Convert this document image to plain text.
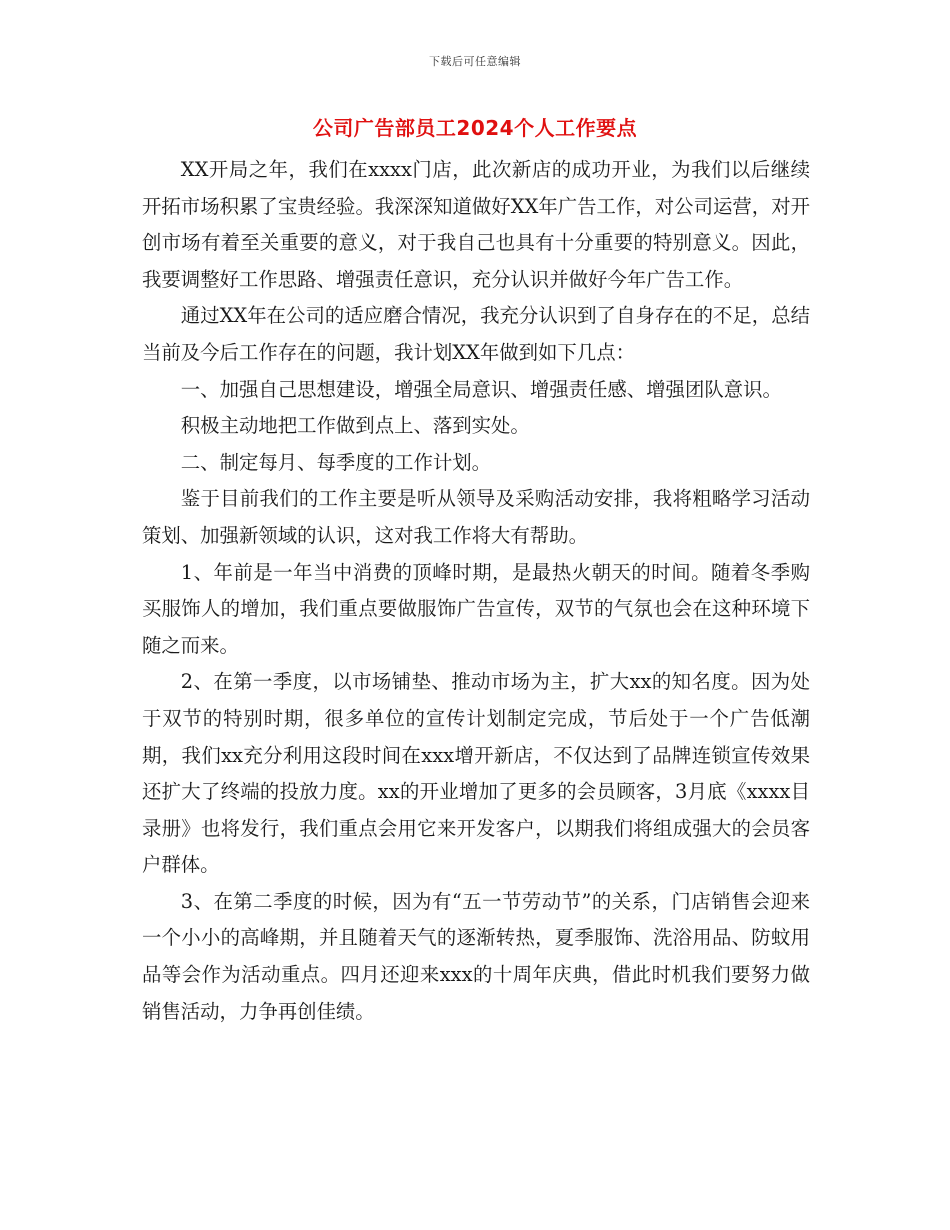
下载后可任意编辑
公司广告部员工2024个人工作要点

XX开局之年，我们在xxxx门店，此次新店的成功开业，为我们以后继续开拓市场积累了宝贵经验。我深深知道做好XX年广告工作，对公司运营，对开创市场有着至关重要的意义，对于我自己也具有十分重要的特别意义。因此，我要调整好工作思路、增强责任意识，充分认识并做好今年广告工作。

通过XX年在公司的适应磨合情况，我充分认识到了自身存在的不足，总结当前及今后工作存在的问题，我计划XX年做到如下几点：

一、加强自己思想建设，增强全局意识、增强责任感、增强团队意识。

积极主动地把工作做到点上、落到实处。

二、制定每月、每季度的工作计划。

鉴于目前我们的工作主要是听从领导及采购活动安排，我将粗略学习活动策划、加强新领域的认识，这对我工作将大有帮助。

1、年前是一年当中消费的顶峰时期，是最热火朝天的时间。随着冬季购买服饰人的增加，我们重点要做服饰广告宣传，双节的气氛也会在这种环境下随之而来。

2、在第一季度，以市场铺垫、推动市场为主，扩大xx的知名度。因为处于双节的特别时期，很多单位的宣传计划制定完成，节后处于一个广告低潮期，我们xx充分利用这段时间在xxx增开新店，不仅达到了品牌连锁宣传效果还扩大了终端的投放力度。xx的开业增加了更多的会员顾客，3月底《xxxx目录册》也将发行，我们重点会用它来开发客户，以期我们将组成强大的会员客户群体。

3、在第二季度的时候，因为有“五一节劳动节”的关系，门店销售会迎来一个小小的高峰期，并且随着天气的逐渐转热，夏季服饰、洗浴用品、防蚊用品等会作为活动重点。四月还迎来xxx的十周年庆典，借此时机我们要努力做销售活动，力争再创佳绩。
